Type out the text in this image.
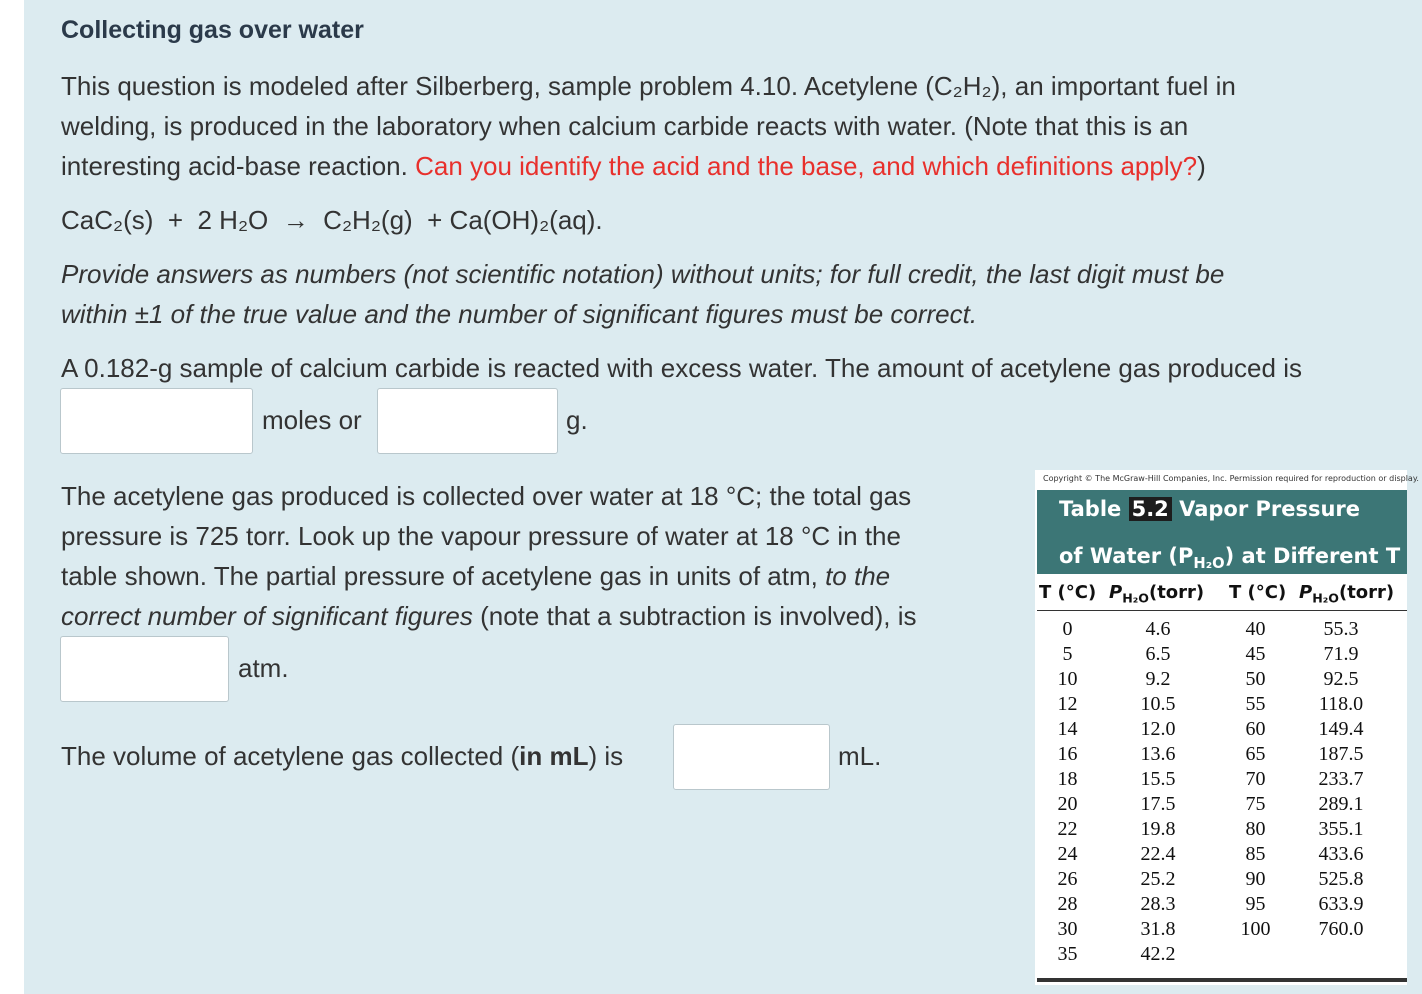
Collecting gas over water
This question is modeled after Silberberg, sample problem 4.10. Acetylene (C₂H₂), an important fuel in
welding, is produced in the laboratory when calcium carbide reacts with water. (Note that this is an
interesting acid-base reaction. Can you identify the acid and the base, and which definitions apply?)
CaC₂(s)  +  2 H₂O  →  C₂H₂(g)  + Ca(OH)₂(aq).
Provide answers as numbers (not scientific notation) without units; for full credit, the last digit must be
within ±1 of the true value and the number of significant figures must be correct.
A 0.182-g sample of calcium carbide is reacted with excess water. The amount of acetylene gas produced is
moles or	g.
The acetylene gas produced is collected over water at 18 °C; the total gas
pressure is 725 torr. Look up the vapour pressure of water at 18 °C in the
table shown. The partial pressure of acetylene gas in units of atm, to the
correct number of significant figures (note that a subtraction is involved), is
atm.
The volume of acetylene gas collected (in mL) is	mL.
Copyright © The McGraw-Hill Companies, Inc. Permission required for reproduction or display.
Table 5.2 Vapor Pressure
of Water $(P_{H_2O})$ at Different T
T (°C) $P_{H_2O}(torr)$ T (°C) $P_{H_2O}(torr)$
0	4.6	40	55.3
5	6.5	45	71.9
10	9.2	50	92.5
12	10.5	55	118.0
14	12.0	60	149.4
16	13.6	65	187.5
18	15.5	70	233.7
20	17.5	75	289.1
22	19.8	80	355.1
24	22.4	85	433.6
26	25.2	90	525.8
28	28.3	95	633.9
30	31.8	100	760.0
35	42.2
